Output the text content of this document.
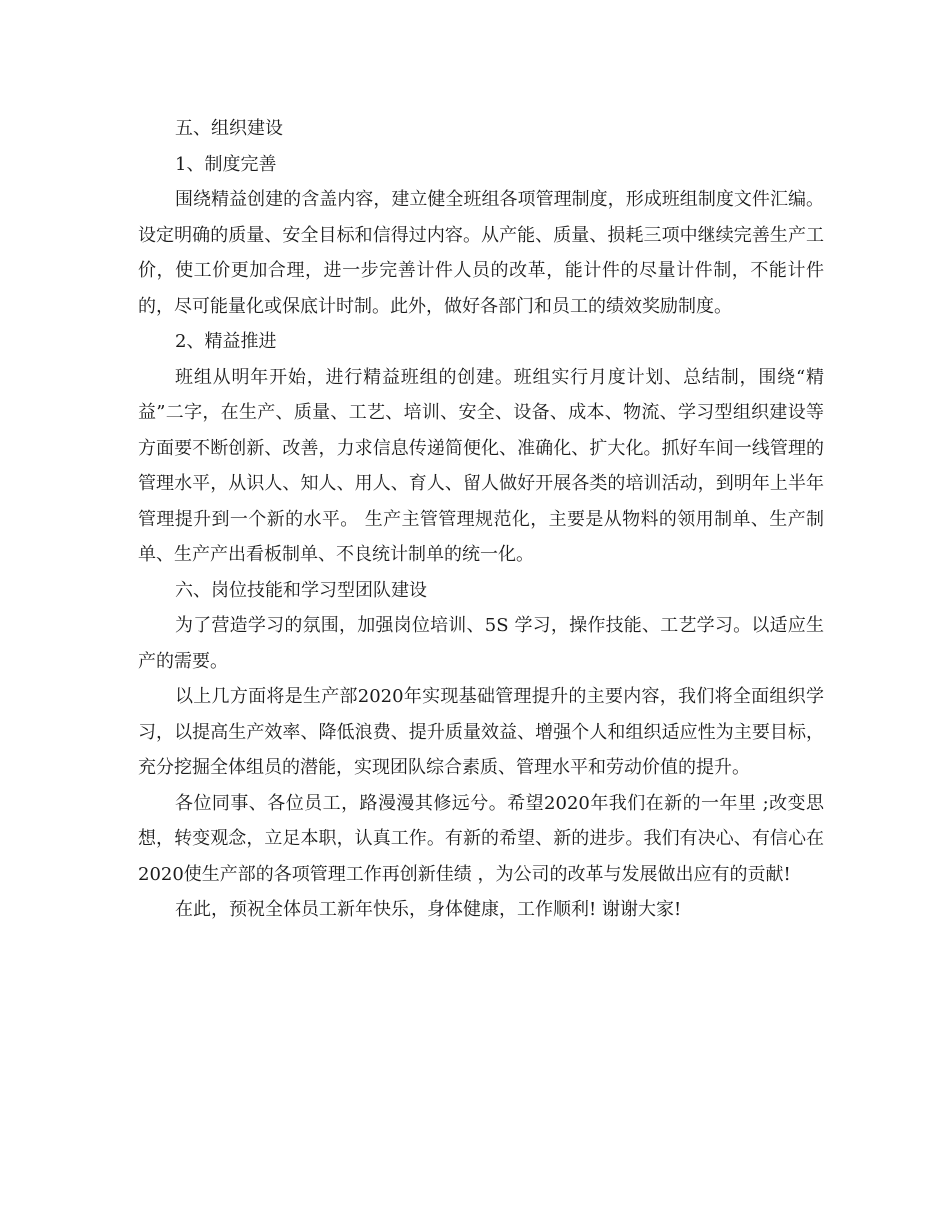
五、组织建设

1、制度完善

围绕精益创建的含盖内容，建立健全班组各项管理制度，形成班组制度文件汇编。设定明确的质量、安全目标和信得过内容。从产能、质量、损耗三项中继续完善生产工价，使工价更加合理，进一步完善计件人员的改革，能计件的尽量计件制，不能计件的，尽可能量化或保底计时制。此外，做好各部门和员工的绩效奖励制度。

2、精益推进

班组从明年开始，进行精益班组的创建。班组实行月度计划、总结制，围绕“精益”二字，在生产、质量、工艺、培训、安全、设备、成本、物流、学习型组织建设等方面要不断创新、改善，力求信息传递简便化、准确化、扩大化。抓好车间一线管理的管理水平，从识人、知人、用人、育人、留人做好开展各类的培训活动，到明年上半年管理提升到一个新的水平。 生产主管管理规范化，主要是从物料的领用制单、生产制单、生产产出看板制单、不良统计制单的统一化。

六、岗位技能和学习型团队建设

为了营造学习的氛围，加强岗位培训、5S 学习，操作技能、工艺学习。以适应生产的需要。

以上几方面将是生产部2020年实现基础管理提升的主要内容，我们将全面组织学习，以提高生产效率、降低浪费、提升质量效益、增强个人和组织适应性为主要目标，充分挖掘全体组员的潜能，实现团队综合素质、管理水平和劳动价值的提升。

各位同事、各位员工，路漫漫其修远兮。希望2020年我们在新的一年里 ;改变思想，转变观念，立足本职，认真工作。有新的希望、新的进步。我们有决心、有信心在2020使生产部的各项管理工作再创新佳绩 ，为公司的改革与发展做出应有的贡献!

在此，预祝全体员工新年快乐，身体健康，工作顺利! 谢谢大家!
